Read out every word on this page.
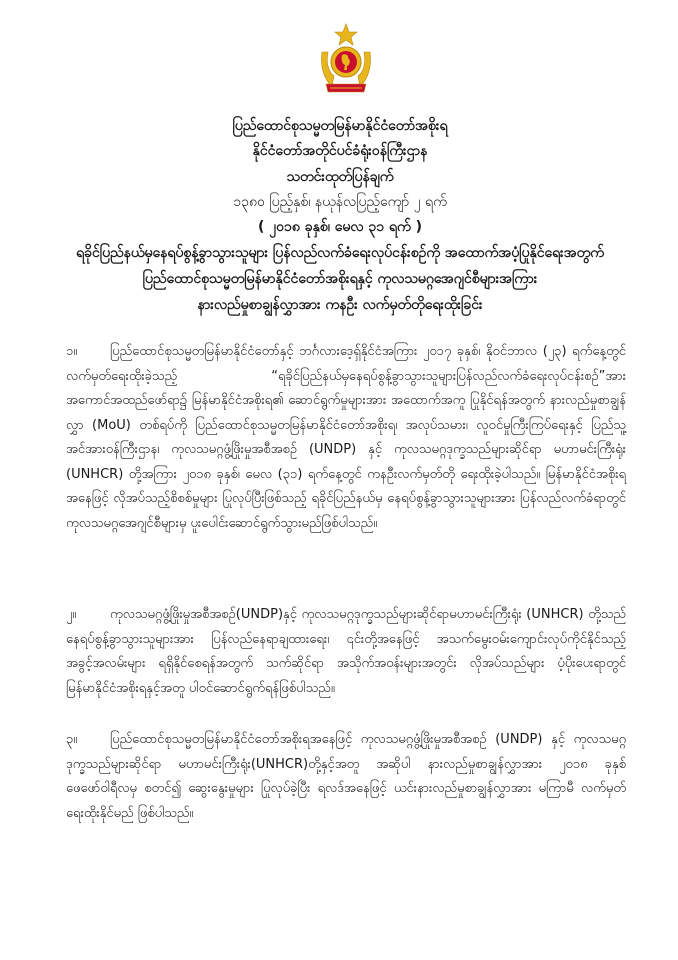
ပြည်ထောင်စုသမ္မတမြန်မာနိုင်ငံတော်အစိုးရ
နိုင်ငံတော်အတိုင်ပင်ခံရုံးဝန်ကြီးဌာန
သတင်းထုတ်ပြန်ချက်
၁၃၈၀ ပြည့်နှစ်၊ နယုန်လပြည့်ကျော် ၂ ရက်
( ၂၀၁၈ ခုနှစ်၊ မေလ ၃၁ ရက် )
ရခိုင်ပြည်နယ်မှနေရပ်စွန့်ခွာသွားသူများ ပြန်လည်လက်ခံရေးလုပ်ငန်းစဉ်ကို အထောက်အပံ့ပြုနိုင်ရေးအတွက်
ပြည်ထောင်စုသမ္မတမြန်မာနိုင်ငံတော်အစိုးရနှင့် ကုလသမဂ္ဂအေဂျင်စီများအကြား
နားလည်မှုစာချွန်လွှာအား ကနဦး လက်မှတ်တိုရေးထိုးခြင်း
၁။	ပြည်ထောင်စုသမ္မတမြန်မာနိုင်ငံတော်နှင့် ဘင်္ဂလားဒေ့ရှ်နိုင်ငံအကြား ၂၀၁၇ ခုနှစ်၊ နိုဝင်ဘာလ (၂၃) ရက်နေ့တွင် လက်မှတ်ရေးထိုးခဲ့သည့် “ရခိုင်ပြည်နယ်မှနေရပ်စွန့်ခွာသွားသူများပြန်လည်လက်ခံရေးလုပ်ငန်းစဉ်”အား အကောင်အထည်ဖော်ရာ၌ မြန်မာနိုင်ငံအစိုးရ၏ ဆောင်ရွက်မှုများအား အထောက်အကူ ပြုနိုင်ရန်အတွက် နားလည်မှုစာချွန်လွှာ (MoU) တစ်ရပ်ကို ပြည်ထောင်စုသမ္မတမြန်မာနိုင်ငံတော်အစိုးရ၊ အလုပ်သမား၊ လူဝင်မှုကြီးကြပ်ရေးနှင့် ပြည်သူ့အင်အားဝန်ကြီးဌာန၊ ကုလသမဂ္ဂဖွံ့ဖြိုးမှုအစီအစဉ် (UNDP) နှင့် ကုလသမဂ္ဂဒုက္ခသည်များဆိုင်ရာ မဟာမင်းကြီးရုံး (UNHCR) တို့အကြား ၂၀၁၈ ခုနှစ်၊ မေလ (၃၁) ရက်နေ့တွင် ကနဦးလက်မှတ်တို ရေးထိုးခဲ့ပါသည်။ မြန်မာနိုင်ငံအစိုးရအနေဖြင့် လိုအပ်သည့်စိစစ်မှုများ ပြုလုပ်ပြီးဖြစ်သည့် ရခိုင်ပြည်နယ်မှ နေရပ်စွန့်ခွာသွားသူများအား ပြန်လည်လက်ခံရာတွင် ကုလသမဂ္ဂအေဂျင်စီများမှ ပူးပေါင်းဆောင်ရွက်သွားမည်ဖြစ်ပါသည်။
၂။	ကုလသမဂ္ဂဖွံ့ဖြိုးမှုအစီအစဉ်(UNDP)နှင့် ကုလသမဂ္ဂဒုက္ခသည်များဆိုင်ရာမဟာမင်းကြီးရုံး (UNHCR) တို့သည် နေရပ်စွန့်ခွာသွားသူများအား ပြန်လည်နေရာချထားရေး၊ ၎င်းတို့အနေဖြင့် အသက်မွေးဝမ်းကျောင်းလုပ်ကိုင်နိုင်သည့် အခွင့်အလမ်းများ ရရှိနိုင်စေရန်အတွက် သက်ဆိုင်ရာ အသိုက်အဝန်းများအတွင်း လိုအပ်သည်များ ပံ့ပိုးပေးရာတွင် မြန်မာနိုင်ငံအစိုးရနှင့်အတူ ပါဝင်ဆောင်ရွက်ရန်ဖြစ်ပါသည်။
၃။	ပြည်ထောင်စုသမ္မတမြန်မာနိုင်ငံတော်အစိုးရအနေဖြင့် ကုလသမဂ္ဂဖွံ့ဖြိုးမှုအစီအစဉ် (UNDP) နှင့် ကုလသမဂ္ဂဒုက္ခသည်များဆိုင်ရာ မဟာမင်းကြီးရုံး(UNHCR)တို့နှင့်အတူ အဆိုပါ နားလည်မှုစာချွန်လွှာအား ၂၀၁၈ ခုနှစ် ဖေဖော်ဝါရီလမှ စတင်၍ ဆွေးနွေးမှုများ ပြုလုပ်ခဲ့ပြီး ရလဒ်အနေဖြင့် ယင်းနားလည်မှုစာချွန်လွှာအား မကြာမီ လက်မှတ်ရေးထိုးနိုင်မည် ဖြစ်ပါသည်။
